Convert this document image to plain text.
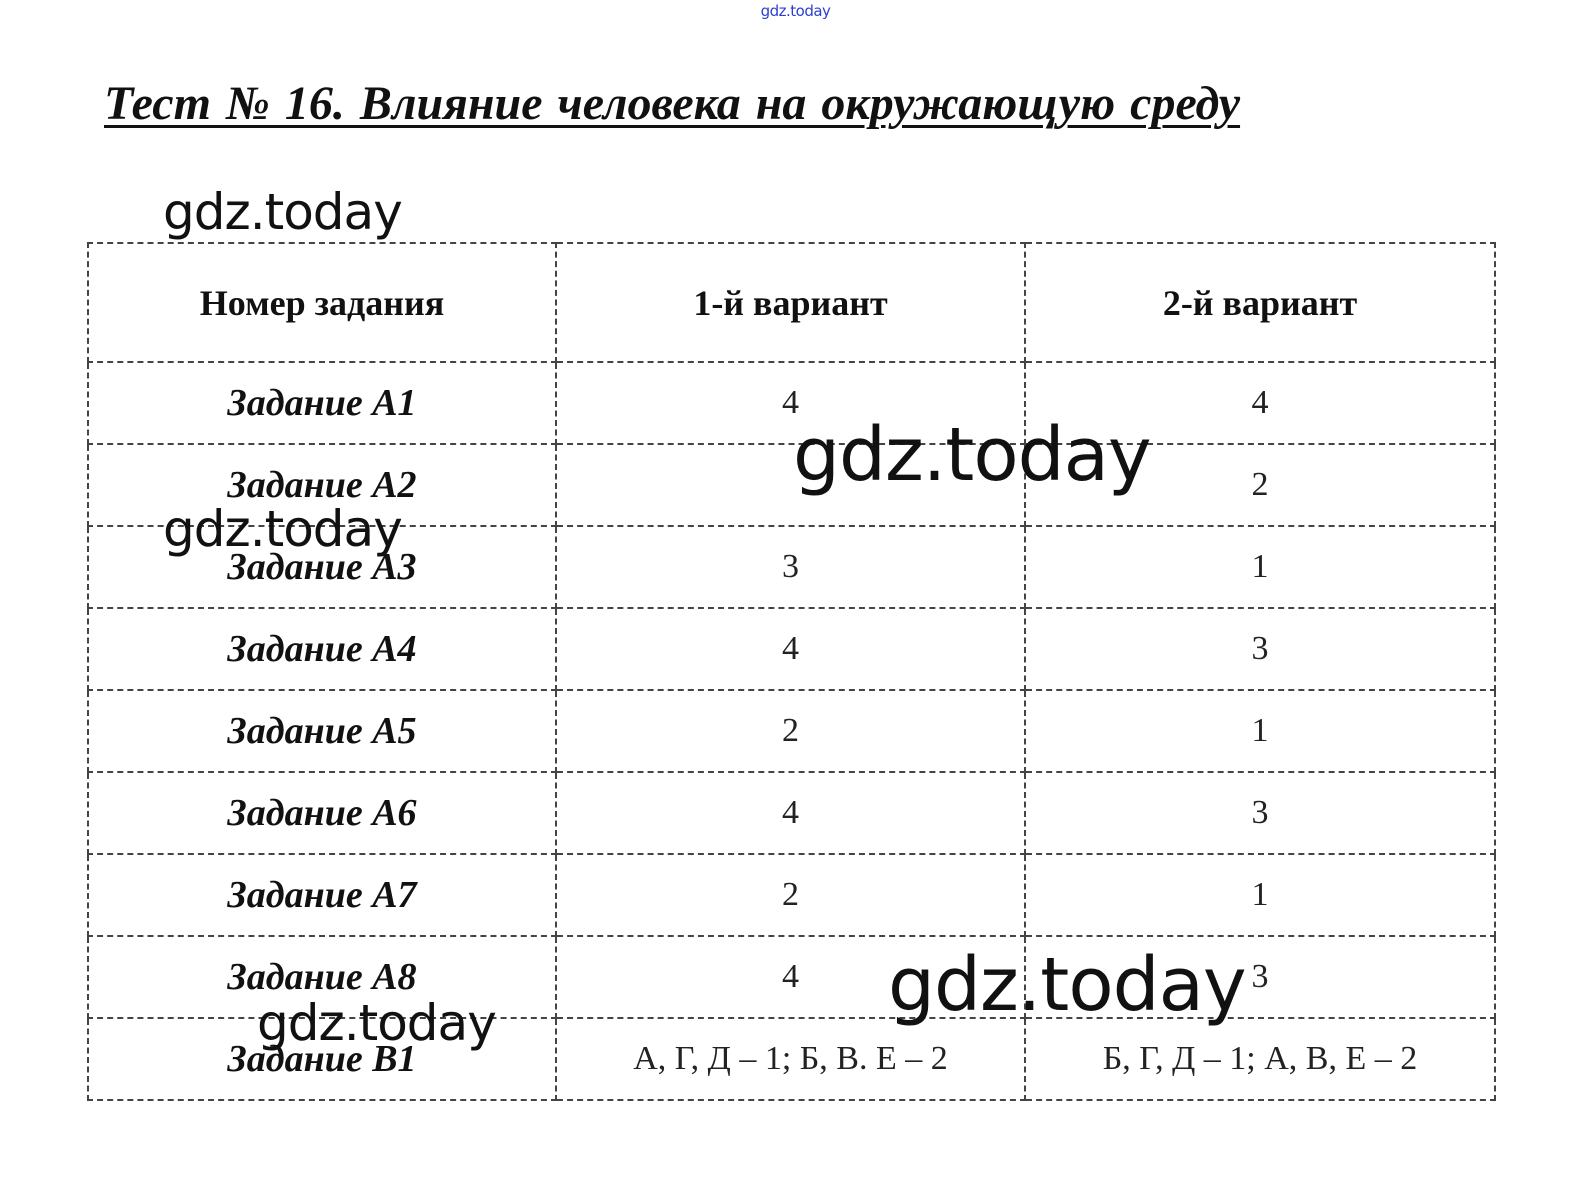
gdz.today
Тест № 16. Влияние человека на окружающую среду
Номер задания	1-й вариант	2-й вариант
Задание А1	4	4
Задание А2		2
Задание А3	3	1
Задание А4	4	3
Задание А5	2	1
Задание А6	4	3
Задание А7	2	1
Задание А8	4	3
Задание В1	А, Г, Д – 1; Б, В. Е – 2	Б, Г, Д – 1; А, В, Е – 2
gdz.today
gdz.today
gdz.today
gdz.today
gdz.today
